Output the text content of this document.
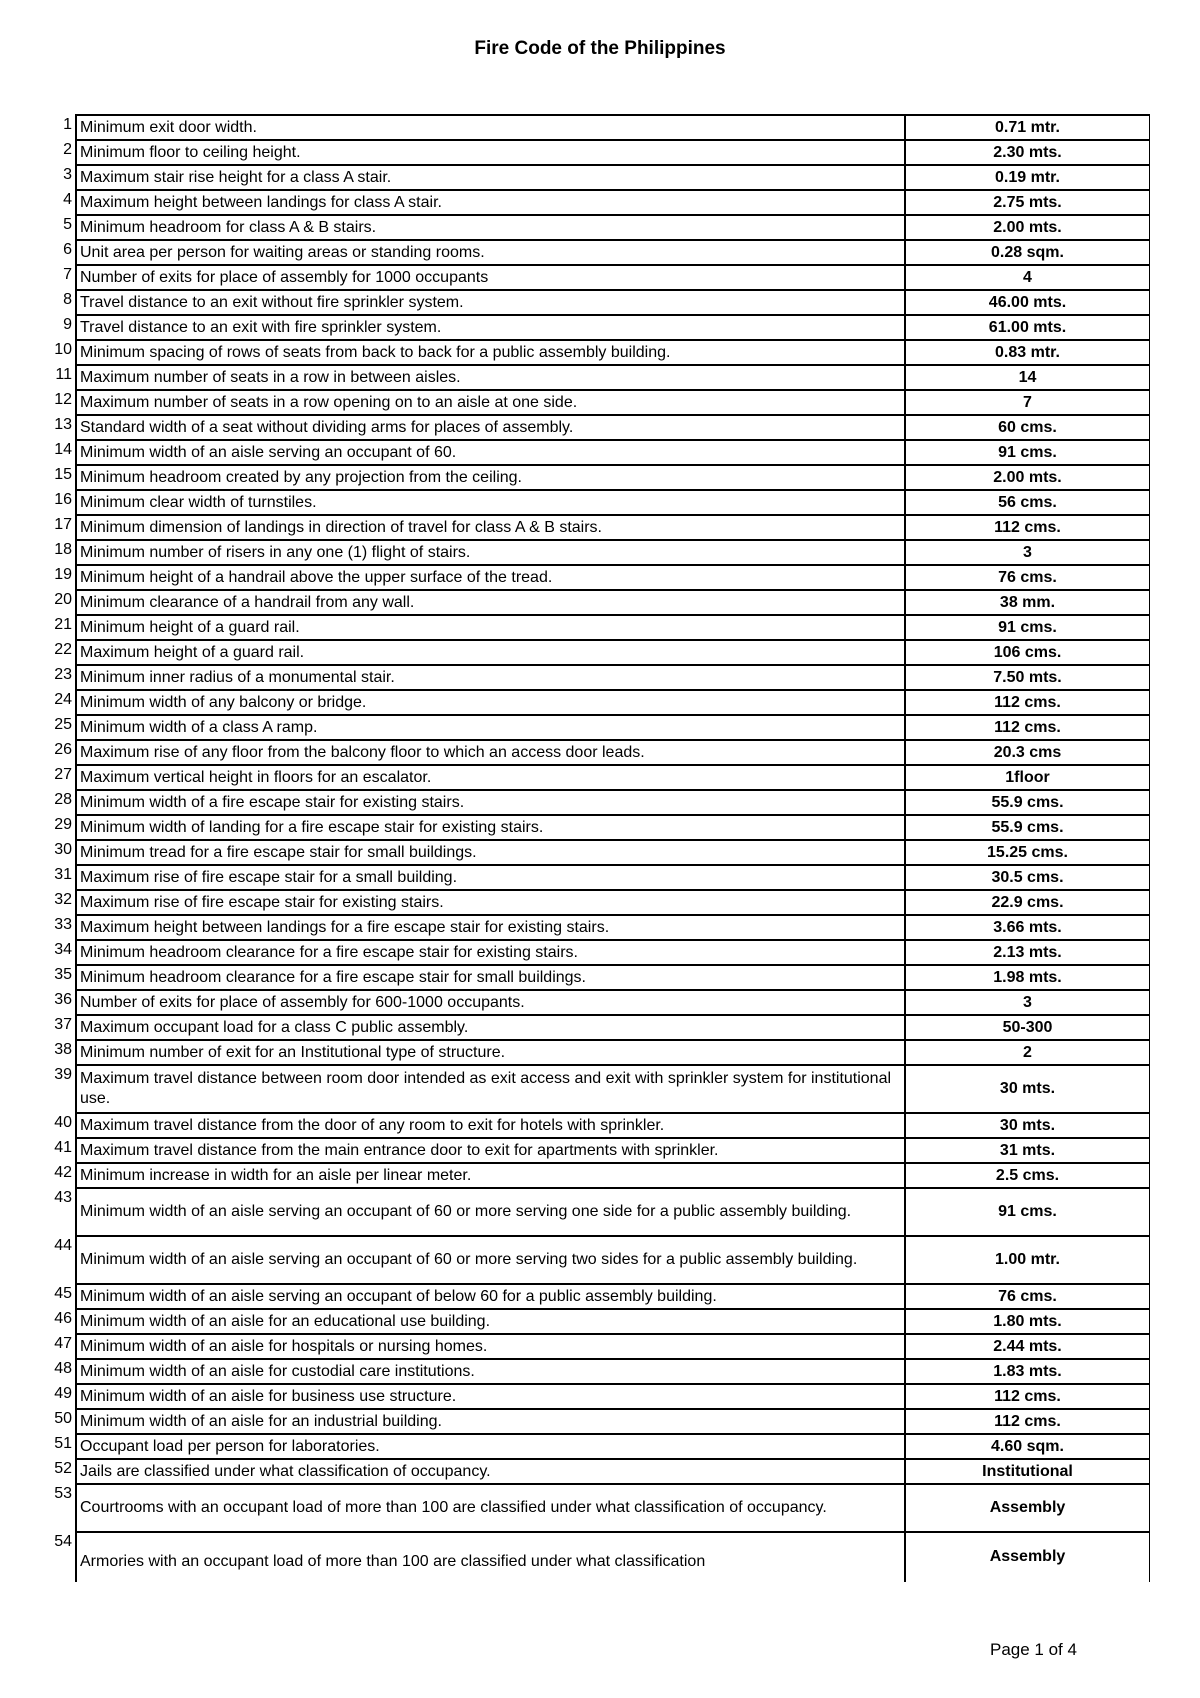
Fire Code of the Philippines
1	Minimum exit door width.	0.71 mtr.
2	Minimum floor to ceiling height.	2.30 mts.
3	Maximum stair rise height for a class A stair.	0.19 mtr.
4	Maximum height between landings for class A stair.	2.75 mts.
5	Minimum headroom for class A & B stairs.	2.00 mts.
6	Unit area per person for waiting areas or standing rooms.	0.28 sqm.
7	Number of exits for place of assembly for 1000 occupants	4
8	Travel distance to an exit without fire sprinkler system.	46.00 mts.
9	Travel distance to an exit with fire sprinkler system.	61.00 mts.
10	Minimum spacing of rows of seats from back to back for a public assembly building.	0.83 mtr.
11	Maximum number of seats in a row in between aisles.	14
12	Maximum number of seats in a row opening on to an aisle at one side.	7
13	Standard width of a seat without dividing arms for places of assembly.	60 cms.
14	Minimum width of an aisle serving an occupant of 60.	91 cms.
15	Minimum headroom created by any projection from the ceiling.	2.00 mts.
16	Minimum clear width of turnstiles.	56 cms.
17	Minimum dimension of landings in direction of travel for class A & B stairs.	112 cms.
18	Minimum number of risers in any one (1) flight of stairs.	3
19	Minimum height of a handrail above the upper surface of the tread.	76 cms.
20	Minimum clearance of a handrail from any wall.	38 mm.
21	Minimum height of a guard rail.	91 cms.
22	Maximum height of a guard rail.	106 cms.
23	Minimum inner radius of a monumental stair.	7.50 mts.
24	Minimum width of any balcony or bridge.	112 cms.
25	Minimum width of a class A ramp.	112 cms.
26	Maximum rise of any floor from the balcony floor to which an access door leads.	20.3 cms
27	Maximum vertical height in floors for an escalator.	1floor
28	Minimum width of a fire escape stair for existing stairs.	55.9 cms.
29	Minimum width of landing for a fire escape stair for existing stairs.	55.9 cms.
30	Minimum tread for a fire escape stair for small buildings.	15.25 cms.
31	Maximum rise of fire escape stair for a small building.	30.5 cms.
32	Maximum rise of fire escape stair for existing stairs.	22.9 cms.
33	Maximum height between landings for a fire escape stair for existing stairs.	3.66 mts.
34	Minimum headroom clearance for a fire escape stair for existing stairs.	2.13 mts.
35	Minimum headroom clearance for a fire escape stair for small buildings.	1.98 mts.
36	Number of exits for place of assembly for 600-1000 occupants.	3
37	Maximum occupant load for a class C public assembly.	50-300
38	Minimum number of exit for an Institutional type of structure.	2
39	Maximum travel distance between room door intended as exit access and exit with sprinkler system for institutional use.	30 mts.
40	Maximum travel distance from the door of any room to exit for hotels with sprinkler.	30 mts.
41	Maximum travel distance from the main entrance door to exit for apartments with sprinkler.	31 mts.
42	Minimum increase in width for an aisle per linear meter.	2.5 cms.
43	Minimum width of an aisle serving an occupant of 60 or more serving one side for a public assembly building.	91 cms.
44	Minimum width of an aisle serving an occupant of 60 or more serving two sides for a public assembly building.	1.00 mtr.
45	Minimum width of an aisle serving an occupant of below 60 for a public assembly building.	76 cms.
46	Minimum width of an aisle for an educational use building.	1.80 mts.
47	Minimum width of an aisle for hospitals or nursing homes.	2.44 mts.
48	Minimum width of an aisle for custodial care institutions.	1.83 mts.
49	Minimum width of an aisle for business use structure.	112 cms.
50	Minimum width of an aisle for an industrial building.	112 cms.
51	Occupant load per person for laboratories.	4.60 sqm.
52	Jails are classified under what classification of occupancy.	Institutional
53	Courtrooms with an occupant load of more than 100 are classified under what classification of occupancy.	Assembly
54	Armories with an occupant load of more than 100 are classified under what classification	Assembly
Page 1 of 4
